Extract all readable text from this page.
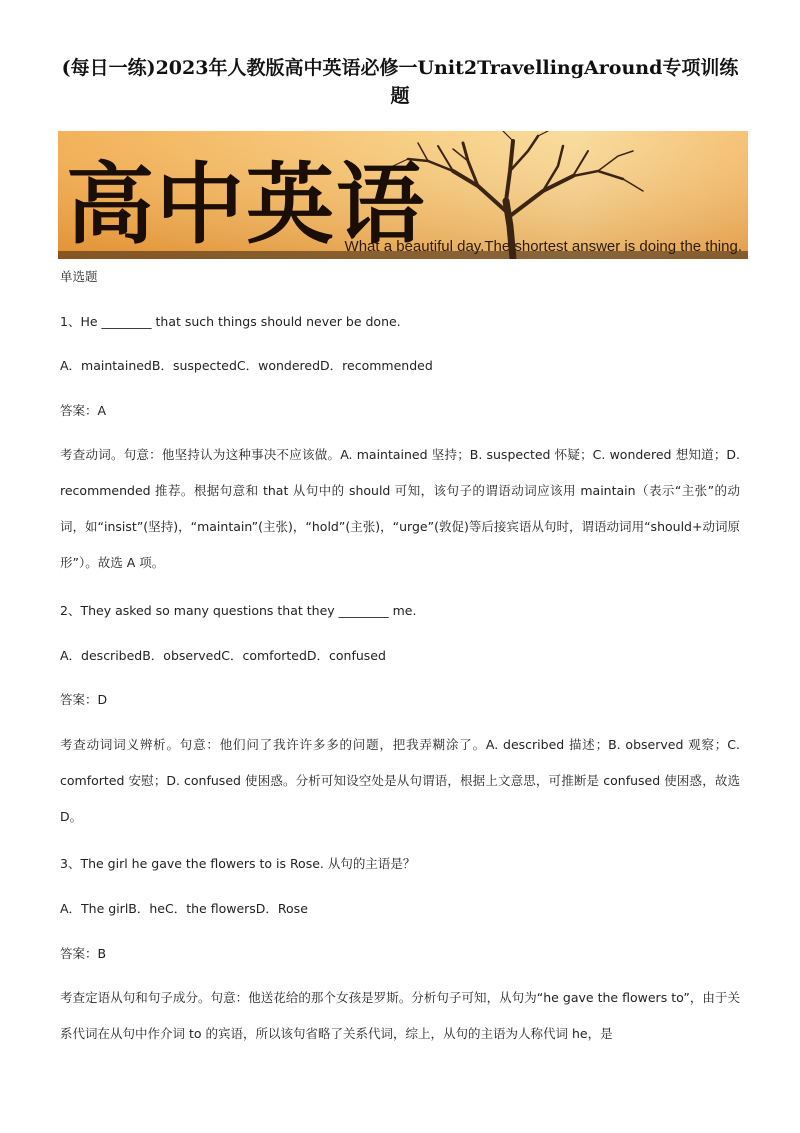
(每日一练)2023年人教版高中英语必修一Unit2TravellingAround专项训练题
高中英语
What a beautiful day.The shortest answer is doing the thing.
单选题
1、He ________ that such things should never be done.
A．maintainedB．suspectedC．wonderedD．recommended
答案：A
考查动词。句意：他坚持认为这种事决不应该做。A. maintained 坚持；B. suspected 怀疑；C. wondered 想知道；D. recommended 推荐。根据句意和 that 从句中的 should 可知，该句子的谓语动词应该用 maintain（表示“主张”的动词，如“insist”(坚持)，“maintain”(主张)，“hold”(主张)，“urge”(敦促)等后接宾语从句时，谓语动词用“should+动词原形”）。故选 A 项。
2、They asked so many questions that they ________ me.
A．describedB．observedC．comfortedD．confused
答案：D
考查动词词义辨析。句意：他们问了我许许多多的问题，把我弄糊涂了。A. described 描述；B. observed 观察；C. comforted 安慰；D. confused 使困惑。分析可知设空处是从句谓语，根据上文意思，可推断是 confused 使困惑，故选 D。
3、The girl he gave the flowers to is Rose. 从句的主语是？
A．The girlB．heC．the flowersD．Rose
答案：B
考查定语从句和句子成分。句意：他送花给的那个女孩是罗斯。分析句子可知，从句为“he gave the flowers to”，由于关系代词在从句中作介词 to 的宾语，所以该句省略了关系代词，综上，从句的主语为人称代词 he，是
